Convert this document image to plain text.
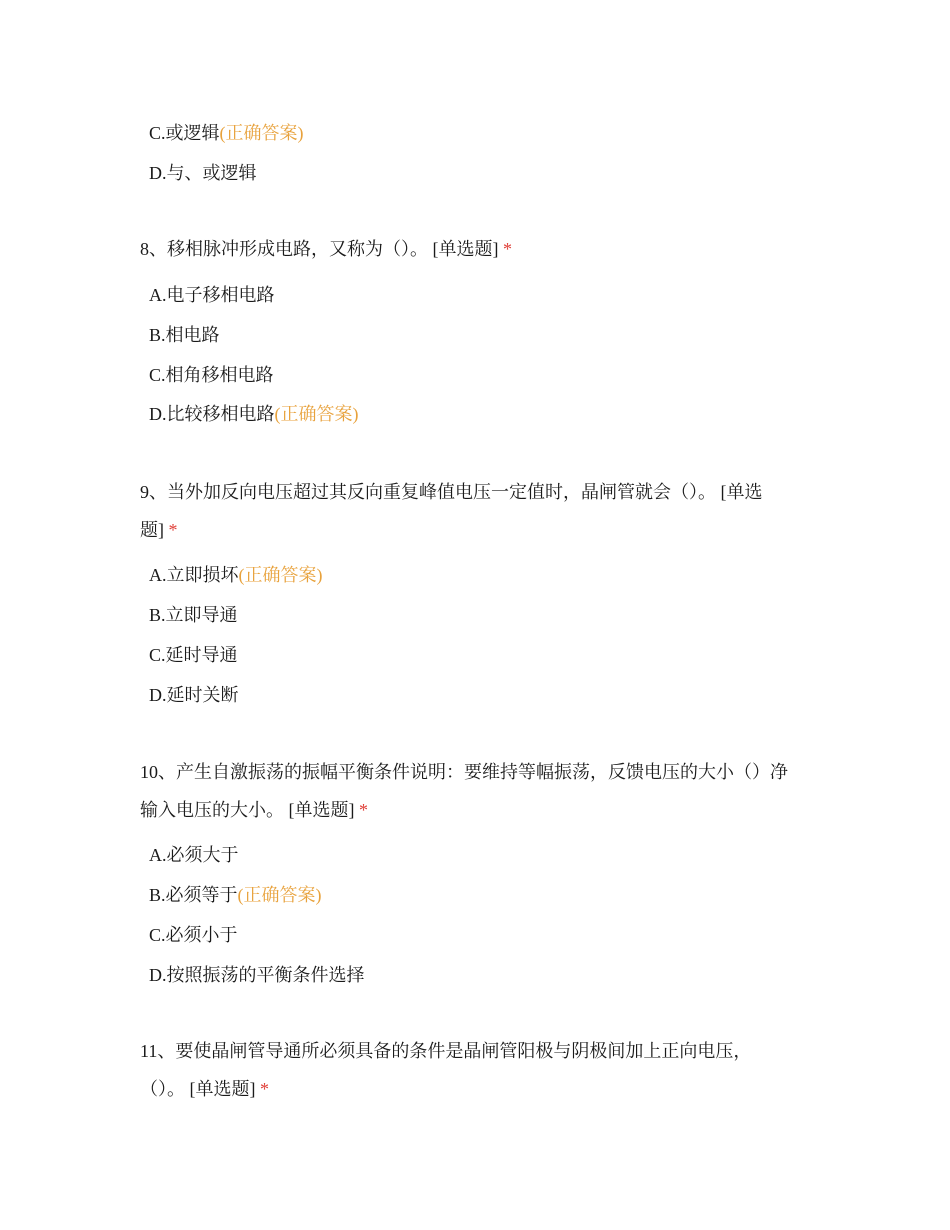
C.或逻辑(正确答案)
D.与、或逻辑
8、移相脉冲形成电路，又称为（）。 [单选题] *
A.电子移相电路
B.相电路
C.相角移相电路
D.比较移相电路(正确答案)
9、当外加反向电压超过其反向重复峰值电压一定值时，晶闸管就会（）。 [单选
题] *
A.立即损坏(正确答案)
B.立即导通
C.延时导通
D.延时关断
10、产生自激振荡的振幅平衡条件说明：要维持等幅振荡，反馈电压的大小（）净
输入电压的大小。 [单选题] *
A.必须大于
B.必须等于(正确答案)
C.必须小于
D.按照振荡的平衡条件选择
11、要使晶闸管导通所必须具备的条件是晶闸管阳极与阴极间加上正向电压，
（）。 [单选题] *
